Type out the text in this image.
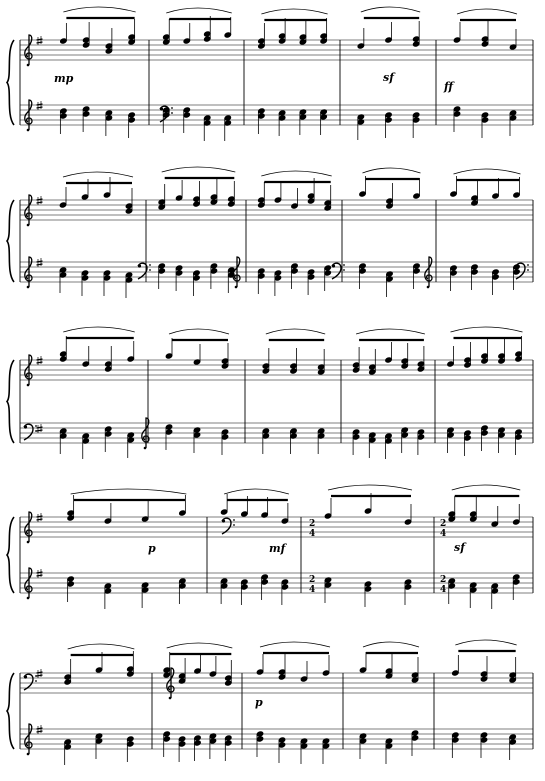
mp	sf
ff
2
4
2
4
2
4
2
4
p	mf	sf
p
